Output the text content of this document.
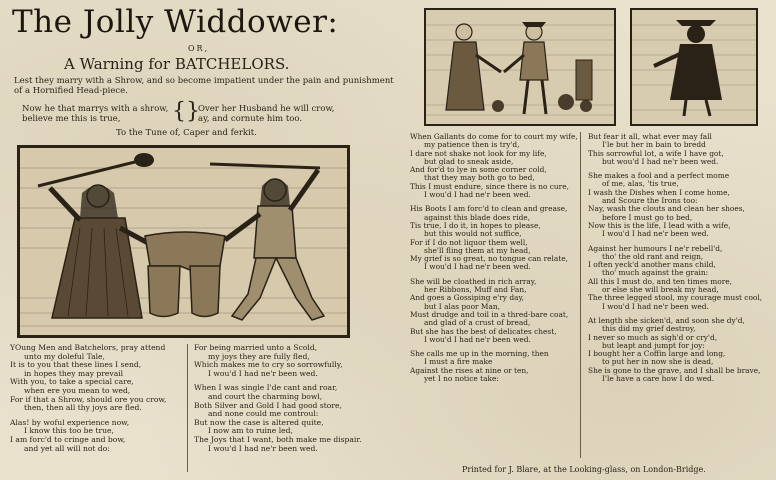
The Jolly Widdower:
OR,
A Warning for BATCHELORS.
Lest they marry with a Shrow, and so become impatient under the pain and punishment of a Hornified Head-piece.
Now he that marrys with a shrow,
believe me this is true,	{}
Over her Husband he will crow,
ay, and cornute him too.
To the Tune of, Caper and ferkit.
YOung Men and Batchelors, pray attend
unto my doleful Tale,
It is to you that these lines I send,
in hopes they may prevail
With you, to take a special care,
when ere you mean to wed,
For if that a Shrow, should ore you crow,
then, then all thy joys are fled.
Alas! by woful experience now,
I know this too be true,
I am forc'd to cringe and bow,
and yet all will not do:
For being married unto a Scold,
my joys they are fully fled,
Which makes me to cry so sorrowfully,
I wou'd I had ne'r been wed.
When I was single I'de cant and roar,
and court the charming bowl,
Both Silver and Gold I had good store,
and none could me controul:
But now the case is altered quite,
I now am to ruine led,
The Joys that I want, both make me dispair.
I wou'd I had ne'r been wed.
When Gallants do come for to court my wife,
my patience then is try'd,
I dare not shake not look for my life,
but glad to sneak aside,
And for'd to lye in some corner cold,
that they may both go to bed,
This I must endure, since there is no cure,
I wou'd I had ne'r been wed.
His Boots I am forc'd to clean and grease,
against this blade does ride,
Tis true, I do it, in hopes to please,
but this would not suffice,
For if I do not liquor them well,
she'll fling them at my head,
My grief is so great, no tongue can relate,
I wou'd I had ne'r been wed.
She will be cloathed in rich array,
her Ribbons, Muff and Fan,
And goes a Gossiping e'ry day,
but I alas poor Man,
Must drudge and toil in a thred-bare coat,
and glad of a crust of bread,
But she has the best of delicates chest,
I wou'd I had ne'r been wed.
She calls me up in the morning, then
I must a fire make
Against the rises at nine or ten,
yet I no notice take:
But fear it all, what ever may fall
I'le but her in bain to bredd
This sorrowful lot, a wife I have got,
but wou'd I had ne'r been wed.
She makes a fool and a perfect mome
of me, alas, 'tis true,
I wash the Dishes when I come home,
and Scoure the Irons too:
Nay, wash the clouts and clean her shoes,
before I must go to bed,
Now this is the life, I lead with a wife,
I wou'd I had ne'r been wed.
Against her humours I ne'r rebell'd,
tho' the old rant and reign,
I often yeck'd another mans child,
tho' much against the grain:
All this I must do, and ten times more,
or else she will break my head,
The three legged stool, my courage must cool,
I wou'd I had ne'r been wed.
At length she sicken'd, and soon she dy'd,
this did my grief destroy,
I never so much as sigh'd or cry'd,
but leapt and jumpt for joy:
I bought her a Coffin large and long,
to put her in now she is dead,
She is gone to the grave, and I shall be brave,
I'le have a care how I do wed.
Printed for J. Blare, at the Looking-glass, on London-Bridge.
